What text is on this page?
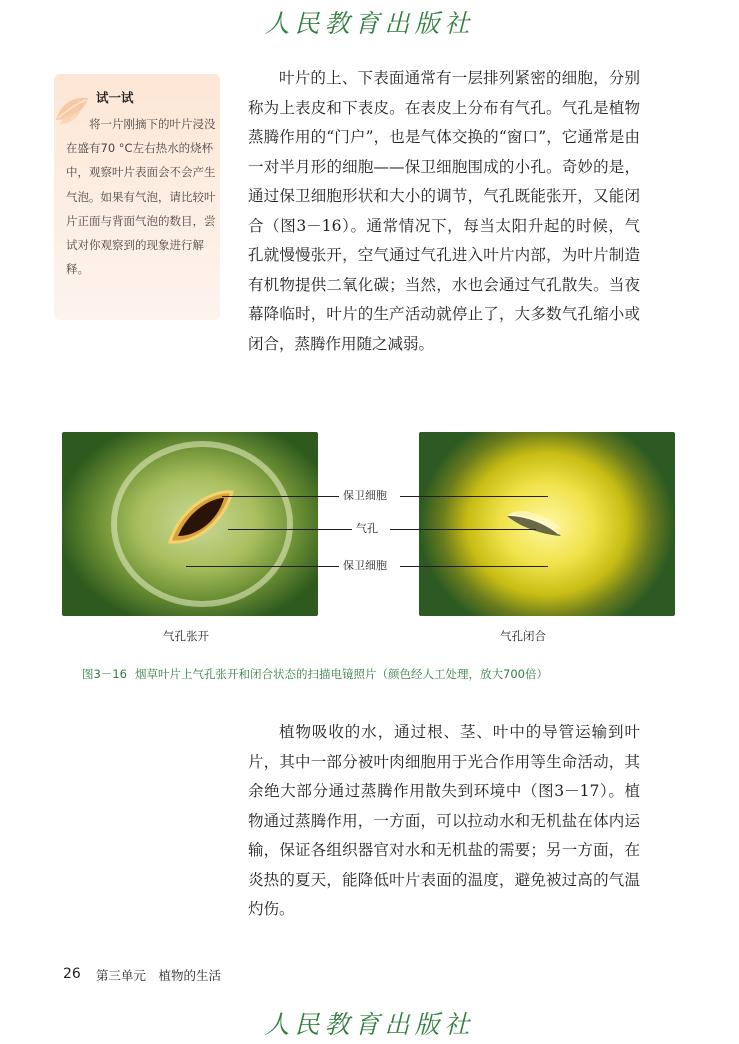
人民教育出版社
试一试

将一片刚摘下的叶片浸没在盛有70 °C左右热水的烧杯中，观察叶片表面会不会产生气泡。如果有气泡，请比较叶片正面与背面气泡的数目，尝试对你观察到的现象进行解释。

叶片的上、下表面通常有一层排列紧密的细胞，分别称为上表皮和下表皮。在表皮上分布有气孔。气孔是植物蒸腾作用的“门户”，也是气体交换的“窗口”，它通常是由一对半月形的细胞——保卫细胞围成的小孔。奇妙的是，通过保卫细胞形状和大小的调节，气孔既能张开，又能闭合（图3－16）。通常情况下，每当太阳升起的时候，气孔就慢慢张开，空气通过气孔进入叶片内部，为叶片制造有机物提供二氧化碳；当然，水也会通过气孔散失。当夜幕降临时，叶片的生产活动就停止了，大多数气孔缩小或闭合，蒸腾作用随之减弱。

保卫细胞
气孔
保卫细胞
气孔张开	气孔闭合
图3－16 烟草叶片上气孔张开和闭合状态的扫描电镜照片（颜色经人工处理，放大700倍）

植物吸收的水，通过根、茎、叶中的导管运输到叶片，其中一部分被叶肉细胞用于光合作用等生命活动，其余绝大部分通过蒸腾作用散失到环境中（图3－17）。植物通过蒸腾作用，一方面，可以拉动水和无机盐在体内运输，保证各组织器官对水和无机盐的需要；另一方面，在炎热的夏天，能降低叶片表面的温度，避免被过高的气温灼伤。

26 第三单元　植物的生活
人民教育出版社
